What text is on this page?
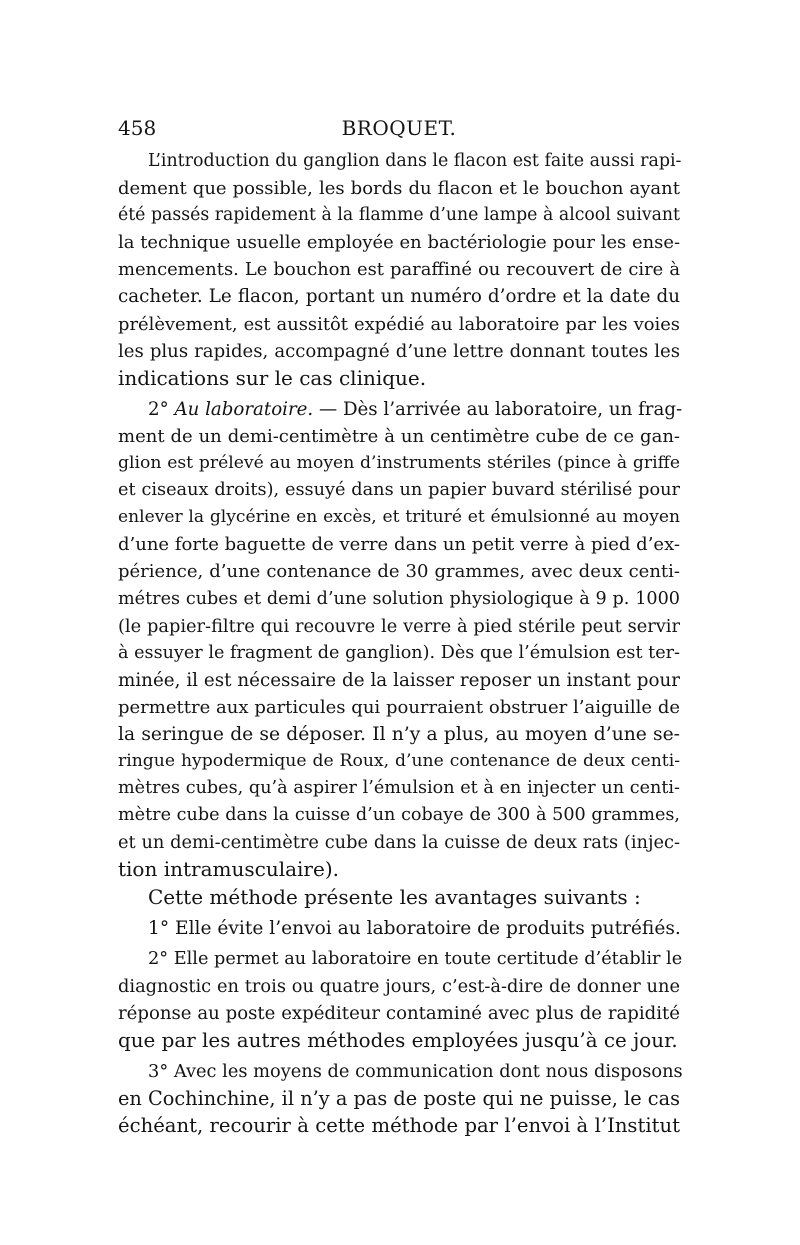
458	BROQUET.
L’introduction du ganglion dans le flacon est faite aussi rapi-
dement que possible, les bords du flacon et le bouchon ayant
été passés rapidement à la flamme d’une lampe à alcool suivant
la technique usuelle employée en bactériologie pour les ense-
mencements. Le bouchon est paraffiné ou recouvert de cire à
cacheter. Le flacon, portant un numéro d’ordre et la date du
prélèvement, est aussitôt expédié au laboratoire par les voies
les plus rapides, accompagné d’une lettre donnant toutes les
indications sur le cas clinique.
2° Au laboratoire. — Dès l’arrivée au laboratoire, un frag-
ment de un demi-centimètre à un centimètre cube de ce gan-
glion est prélevé au moyen d’instruments stériles (pince à griffe
et ciseaux droits), essuyé dans un papier buvard stérilisé pour
enlever la glycérine en excès, et trituré et émulsionné au moyen
d’une forte baguette de verre dans un petit verre à pied d’ex-
périence, d’une contenance de 30 grammes, avec deux centi-
métres cubes et demi d’une solution physiologique à 9 p. 1000
(le papier-filtre qui recouvre le verre à pied stérile peut servir
à essuyer le fragment de ganglion). Dès que l’émulsion est ter-
minée, il est nécessaire de la laisser reposer un instant pour
permettre aux particules qui pourraient obstruer l’aiguille de
la seringue de se déposer. Il n’y a plus, au moyen d’une se-
ringue hypodermique de Roux, d’une contenance de deux centi-
mètres cubes, qu’à aspirer l’émulsion et à en injecter un centi-
mètre cube dans la cuisse d’un cobaye de 300 à 500 grammes,
et un demi-centimètre cube dans la cuisse de deux rats (injec-
tion intramusculaire).
Cette méthode présente les avantages suivants :
1° Elle évite l’envoi au laboratoire de produits putréfiés.
2° Elle permet au laboratoire en toute certitude d’établir le
diagnostic en trois ou quatre jours, c’est-à-dire de donner une
réponse au poste expéditeur contaminé avec plus de rapidité
que par les autres méthodes employées jusqu’à ce jour.
3° Avec les moyens de communication dont nous disposons
en Cochinchine, il n’y a pas de poste qui ne puisse, le cas
échéant, recourir à cette méthode par l’envoi à l’Institut
